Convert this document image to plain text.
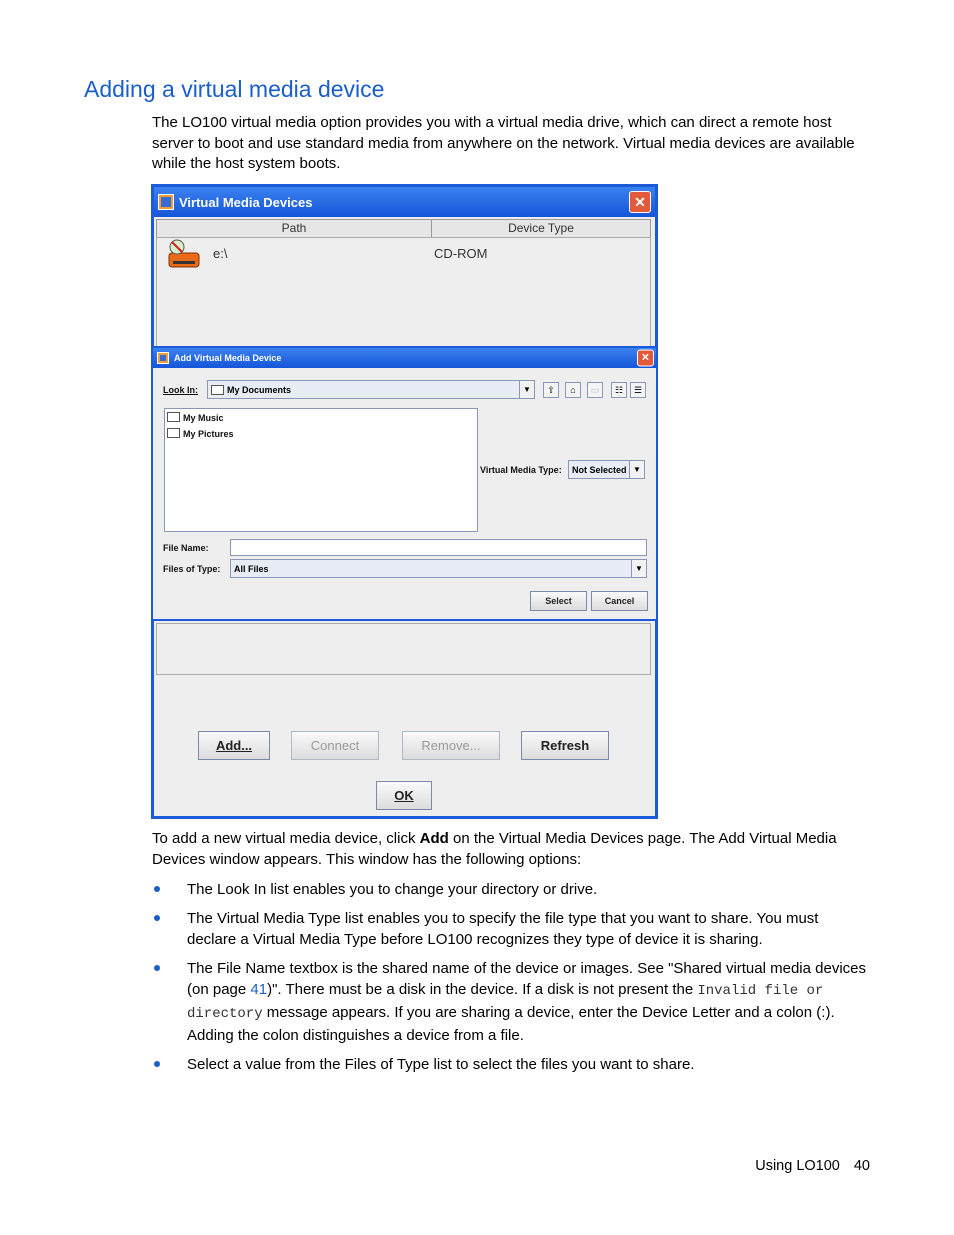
Adding a virtual media device

The LO100 virtual media option provides you with a virtual media drive, which can direct a remote host server to boot and use standard media from anywhere on the network. Virtual media devices are available while the host system boots.

Virtual Media Devices	✕
Path	Device Type
e:\	CD-ROM
Add...	Connect	Remove...	Refresh
OK
Add Virtual Media Device	✕
Look In:	My Documents	▼	⇧	⌂	▭	☷	☰
My Music
My Pictures
Virtual Media Type: Not Selected ▼
File Name:
Files of Type: All Files	▼
Select	Cancel

To add a new virtual media device, click Add on the Virtual Media Devices page. The Add Virtual Media Devices window appears. This window has the following options:

The Look In list enables you to change your directory or drive.
The Virtual Media Type list enables you to specify the file type that you want to share. You must declare a Virtual Media Type before LO100 recognizes they type of device it is sharing.
The File Name textbox is the shared name of the device or images. See "Shared virtual media devices (on page 41)". There must be a disk in the device. If a disk is not present the Invalid file or directory message appears. If you are sharing a device, enter the Device Letter and a colon (:). Adding the colon distinguishes a device from a file.
Select a value from the Files of Type list to select the files you want to share.
Using LO100 40
